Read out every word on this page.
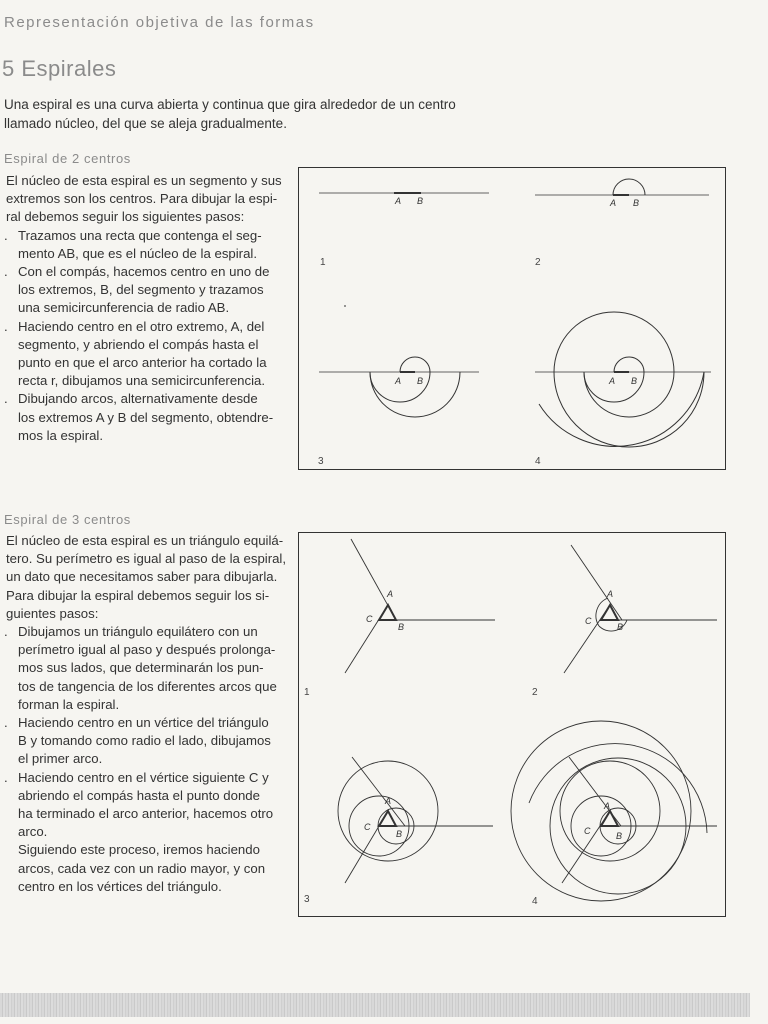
Representación objetiva de las formas
5 Espirales
Una espiral es una curva abierta y continua que gira alrededor de un centro
llamado núcleo, del que se aleja gradualmente.
Espiral de 2 centros

El núcleo de esta espiral es un segmento y sus

extremos son los centros. Para dibujar la espi-

ral debemos seguir los siguientes pasos:

. Trazamos una recta que contenga el seg-
mento AB, que es el núcleo de la espiral.
. Con el compás, hacemos centro en uno de
los extremos, B, del segmento y trazamos
una semicircunferencia de radio AB.
. Haciendo centro en el otro extremo, A, del
segmento, y abriendo el compás hasta el
punto en que el arco anterior ha cortado la
recta r, dibujamos una semicircunferencia.
. Dibujando arcos, alternativamente desde
los extremos A y B del segmento, obtendre-
mos la espiral.
A B	A B
A B	A B
1	2
3	4
Espiral de 3 centros

El núcleo de esta espiral es un triángulo equilá-

tero. Su perímetro es igual al paso de la espiral,

un dato que necesitamos saber para dibujarla.

Para dibujar la espiral debemos seguir los si-

guientes pasos:

. Dibujamos un triángulo equilátero con un
perímetro igual al paso y después prolonga-
mos sus lados, que determinarán los pun-
tos de tangencia de los diferentes arcos que
forman la espiral.
. Haciendo centro en un vértice del triángulo
B y tomando como radio el lado, dibujamos
el primer arco.
. Haciendo centro en el vértice siguiente C y
abriendo el compás hasta el punto donde
ha terminado el arco anterior, hacemos otro
arco.
Siguiendo este proceso, iremos haciendo
arcos, cada vez con un radio mayor, y con
centro en los vértices del triángulo.
A
C
B
A
C
B
A
C
B
A
C	B
1	2
3	4
